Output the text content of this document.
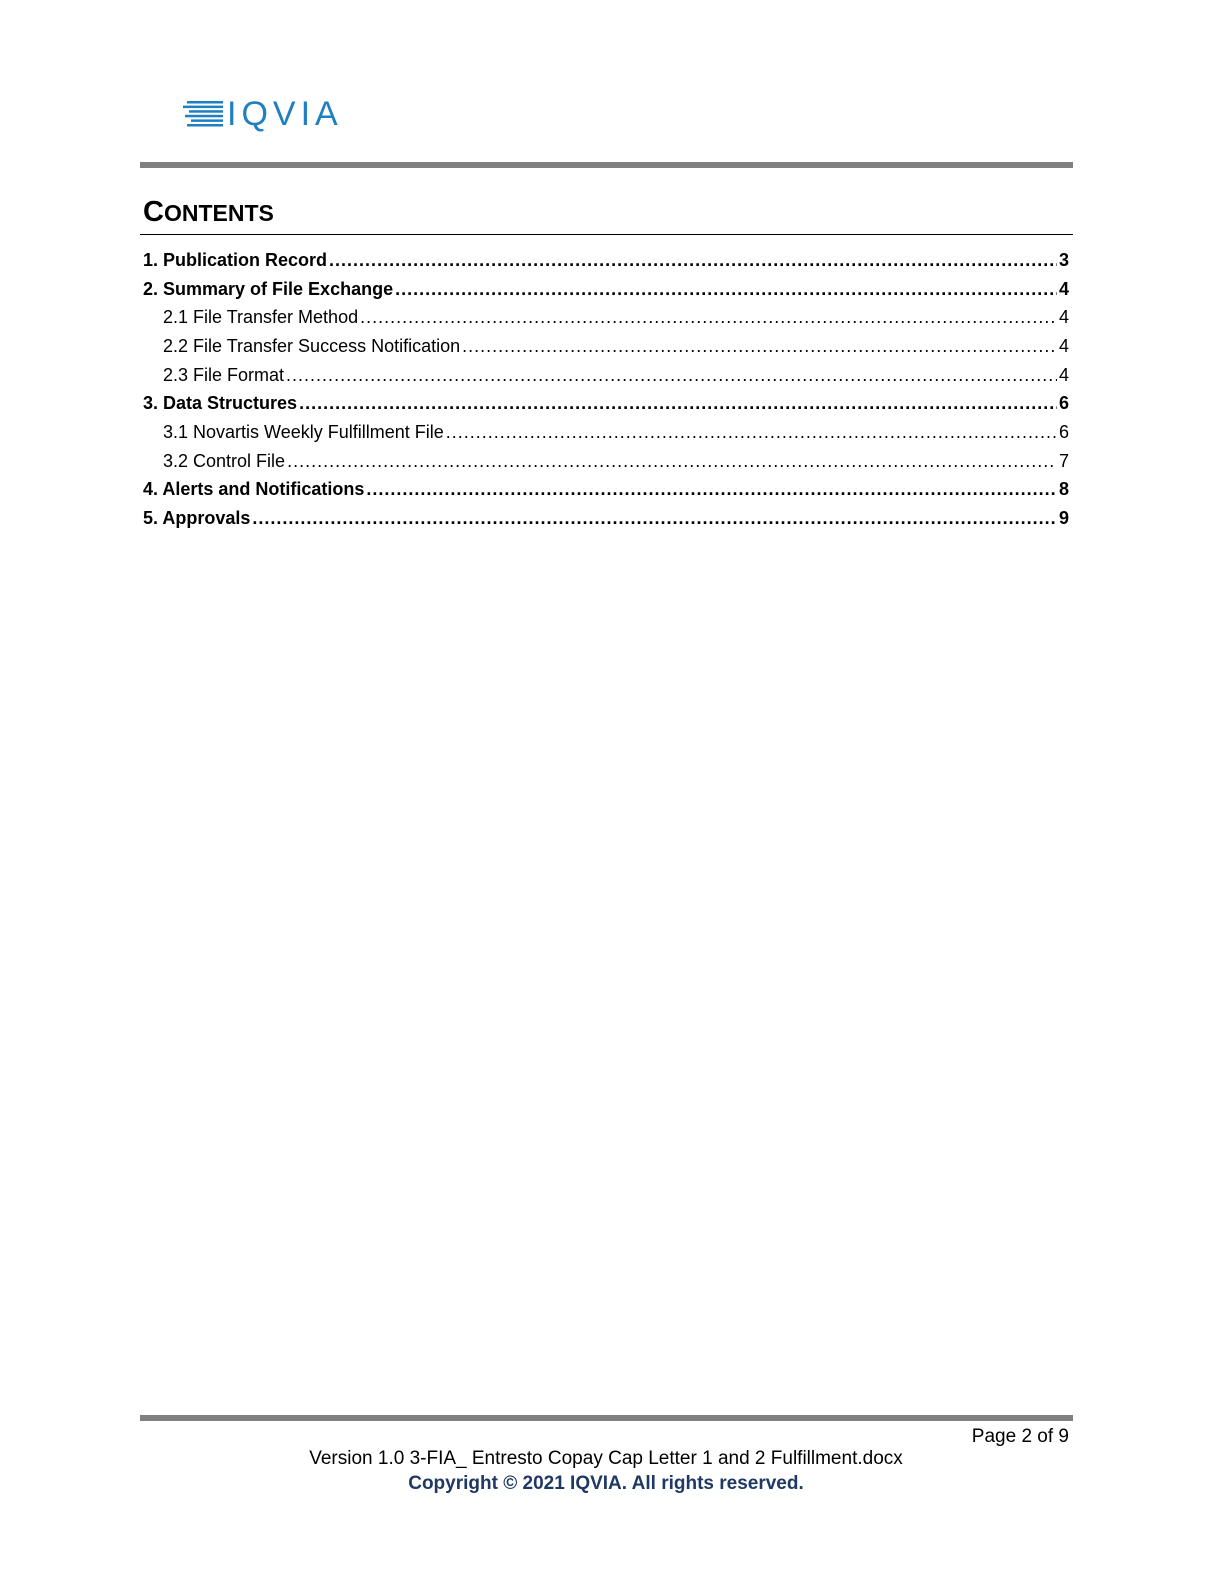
IQVIA
CONTENTS
1. Publication Record . . .	3
2. Summary of File Exchange . . .	4
2.1 File Transfer Method . . .	4
2.2 File Transfer Success Notification . . .	4
2.3 File Format . . .	4
3. Data Structures . . .	6
3.1 Novartis Weekly Fulfillment File . . .	6
3.2 Control File . . .	7
4. Alerts and Notifications . . .	8
5. Approvals . . .	9
Page 2 of 9
Version 1.0 3-FIA_ Entresto Copay Cap Letter 1 and 2 Fulfillment.docx
Copyright © 2021 IQVIA. All rights reserved.
